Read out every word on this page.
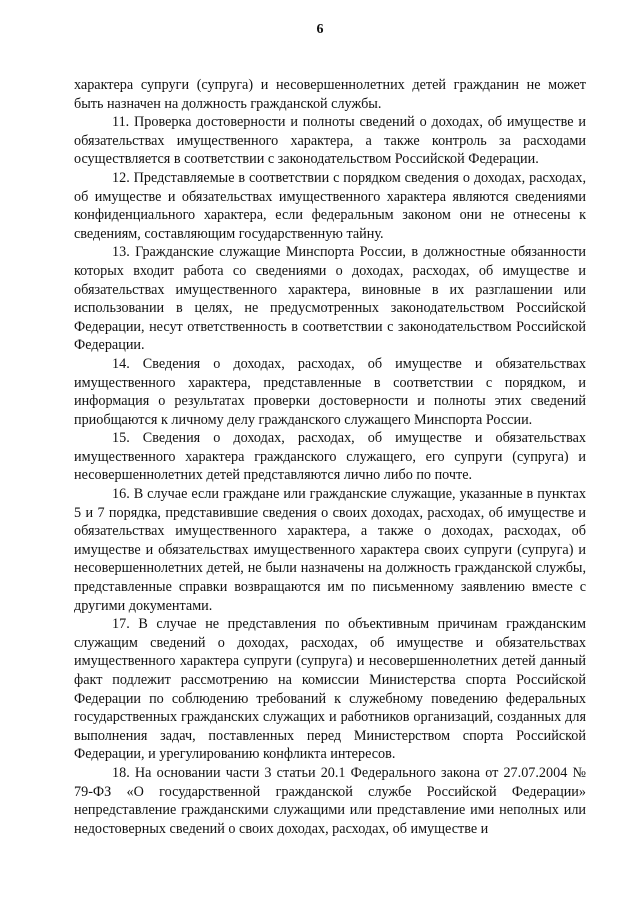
6

характера супруги (супруга) и несовершеннолетних детей гражданин не может быть назначен на должность гражданской службы.

11. Проверка достоверности и полноты сведений о доходах, об имуществе и обязательствах имущественного характера, а также контроль за расходами осуществляется в соответствии с законодательством Российской Федерации.

12. Представляемые в соответствии с порядком сведения о доходах, расходах, об имуществе и обязательствах имущественного характера являются сведениями конфиденциального характера, если федеральным законом они не отнесены к сведениям, составляющим государственную тайну.

13. Гражданские служащие Минспорта России, в должностные обязанности которых входит работа со сведениями о доходах, расходах, об имуществе и обязательствах имущественного характера, виновные в их разглашении или использовании в целях, не предусмотренных законодательством Российской Федерации, несут ответственность в соответствии с законодательством Российской Федерации.

14. Сведения о доходах, расходах, об имуществе и обязательствах имущественного характера, представленные в соответствии с порядком, и информация о результатах проверки достоверности и полноты этих сведений приобщаются к личному делу гражданского служащего Минспорта России.

15. Сведения о доходах, расходах, об имуществе и обязательствах имущественного характера гражданского служащего, его супруги (супруга) и несовершеннолетних детей представляются лично либо по почте.

16. В случае если граждане или гражданские служащие, указанные в пунктах 5 и 7 порядка, представившие сведения о своих доходах, расходах, об имуществе и обязательствах имущественного характера, а также о доходах, расходах, об имуществе и обязательствах имущественного характера своих супруги (супруга) и несовершеннолетних детей, не были назначены на должность гражданской службы, представленные справки возвращаются им по письменному заявлению вместе с другими документами.

17. В случае не представления по объективным причинам гражданским служащим сведений о доходах, расходах, об имуществе и обязательствах имущественного характера супруги (супруга) и несовершеннолетних детей данный факт подлежит рассмотрению на комиссии Министерства спорта Российской Федерации по соблюдению требований к служебному поведению федеральных государственных гражданских служащих и работников организаций, созданных для выполнения задач, поставленных перед Министерством спорта Российской Федерации, и урегулированию конфликта интересов.

18. На основании части 3 статьи 20.1 Федерального закона от 27.07.2004 № 79-ФЗ «О государственной гражданской службе Российской Федерации» непредставление гражданскими служащими или представление ими неполных или недостоверных сведений о своих доходах, расходах, об имуществе и
